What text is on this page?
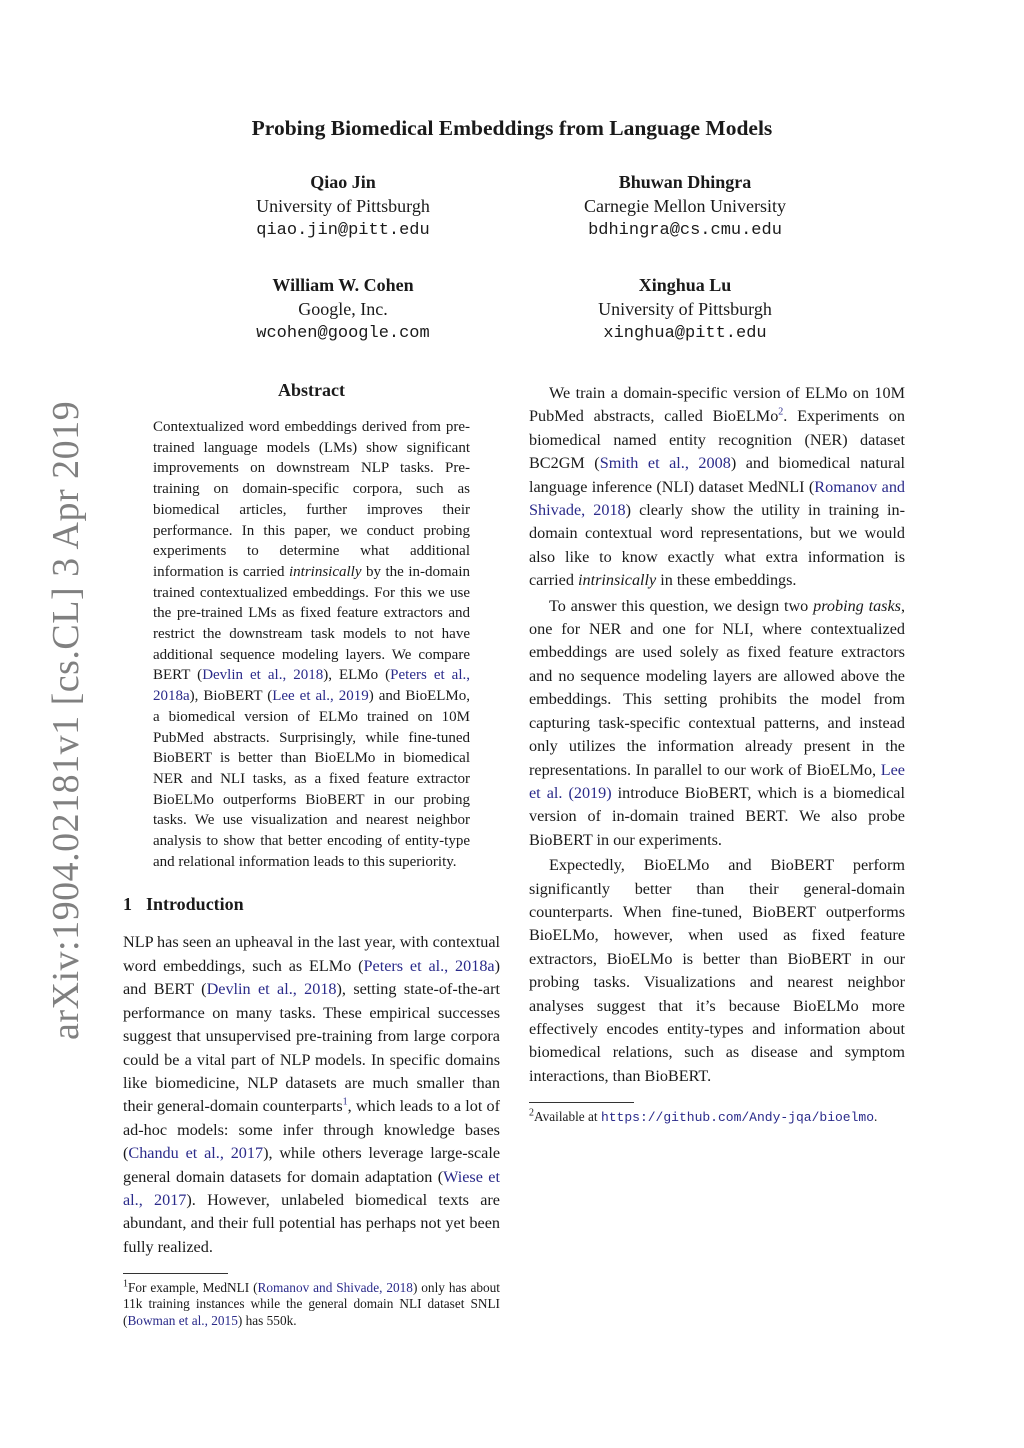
Probing Biomedical Embeddings from Language Models
Qiao Jin
University of Pittsburgh
qiao.jin@pitt.edu
Bhuwan Dhingra
Carnegie Mellon University
bdhingra@cs.cmu.edu
William W. Cohen
Google, Inc.
wcohen@google.com
Xinghua Lu
University of Pittsburgh
xinghua@pitt.edu
arXiv:1904.02181v1 [cs.CL] 3 Apr 2019
Abstract

Contextualized word embeddings derived from pre-trained language models (LMs) show significant improvements on downstream NLP tasks. Pre-training on domain-specific corpora, such as biomedical articles, further improves their performance. In this paper, we conduct probing experiments to determine what additional information is carried intrinsically by the in-domain trained contextualized embeddings. For this we use the pre-trained LMs as fixed feature extractors and restrict the downstream task models to not have additional sequence modeling layers. We compare BERT (Devlin et al., 2018), ELMo (Peters et al., 2018a), BioBERT (Lee et al., 2019) and BioELMo, a biomedical version of ELMo trained on 10M PubMed abstracts. Surprisingly, while fine-tuned BioBERT is better than BioELMo in biomedical NER and NLI tasks, as a fixed feature extractor BioELMo outperforms BioBERT in our probing tasks. We use visualization and nearest neighbor analysis to show that better encoding of entity-type and relational information leads to this superiority.

1 Introduction

NLP has seen an upheaval in the last year, with contextual word embeddings, such as ELMo (Peters et al., 2018a) and BERT (Devlin et al., 2018), setting state-of-the-art performance on many tasks. These empirical successes suggest that unsupervised pre-training from large corpora could be a vital part of NLP models. In specific domains like biomedicine, NLP datasets are much smaller than their general-domain counterparts$^1$, which leads to a lot of ad-hoc models: some infer through knowledge bases (Chandu et al., 2017), while others leverage large-scale general domain datasets for domain adaptation (Wiese et al., 2017). However, unlabeled biomedical texts are abundant, and their full potential has perhaps not yet been fully realized.

$^1$For example, MedNLI (Romanov and Shivade, 2018) only has about 11k training instances while the general domain NLI dataset SNLI (Bowman et al., 2015) has 550k.

We train a domain-specific version of ELMo on 10M PubMed abstracts, called BioELMo$^2$. Experiments on biomedical named entity recognition (NER) dataset BC2GM (Smith et al., 2008) and biomedical natural language inference (NLI) dataset MedNLI (Romanov and Shivade, 2018) clearly show the utility in training in-domain contextual word representations, but we would also like to know exactly what extra information is carried intrinsically in these embeddings.

To answer this question, we design two probing tasks, one for NER and one for NLI, where contextualized embeddings are used solely as fixed feature extractors and no sequence modeling layers are allowed above the embeddings. This setting prohibits the model from capturing task-specific contextual patterns, and instead only utilizes the information already present in the representations. In parallel to our work of BioELMo, Lee et al. (2019) introduce BioBERT, which is a biomedical version of in-domain trained BERT. We also probe BioBERT in our experiments.

Expectedly, BioELMo and BioBERT perform significantly better than their general-domain counterparts. When fine-tuned, BioBERT outperforms BioELMo, however, when used as fixed feature extractors, BioELMo is better than BioBERT in our probing tasks. Visualizations and nearest neighbor analyses suggest that it’s because BioELMo more effectively encodes entity-types and information about biomedical relations, such as disease and symptom interactions, than BioBERT.

$^2$Available at https://github.com/Andy-jqa/bioelmo.
